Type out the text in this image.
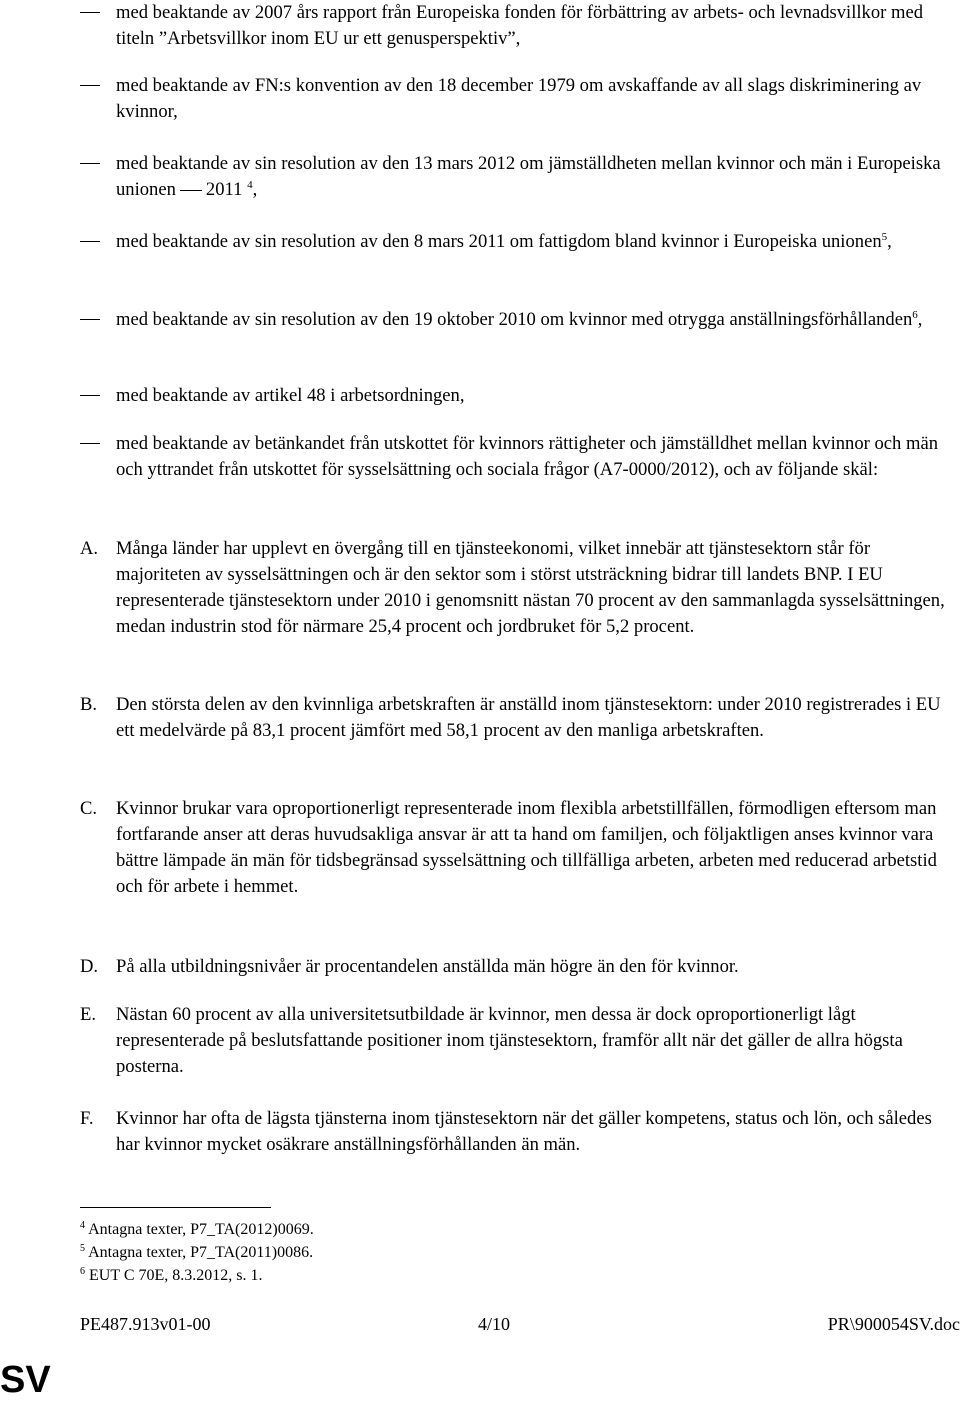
med beaktande av 2007 års rapport från Europeiska fonden för förbättring av arbets- och levnadsvillkor med titeln ”Arbetsvillkor inom EU ur ett genusperspektiv”,
med beaktande av FN:s konvention av den 18 december 1979 om avskaffande av all slags diskriminering av kvinnor,
med beaktande av sin resolution av den 13 mars 2012 om jämställdheten mellan kvinnor och män i Europeiska unionen 2011 $^4$,
med beaktande av sin resolution av den 8 mars 2011 om fattigdom bland kvinnor i Europeiska unionen$^5$,
med beaktande av sin resolution av den 19 oktober 2010 om kvinnor med otrygga anställningsförhållanden$^6$,
med beaktande av artikel 48 i arbetsordningen,
med beaktande av betänkandet från utskottet för kvinnors rättigheter och jämställdhet mellan kvinnor och män och yttrandet från utskottet för sysselsättning och sociala frågor (A7-0000/2012), och av följande skäl:
A. Många länder har upplevt en övergång till en tjänsteekonomi, vilket innebär att tjänstesektorn står för majoriteten av sysselsättningen och är den sektor som i störst utsträckning bidrar till landets BNP. I EU representerade tjänstesektorn under 2010 i genomsnitt nästan 70 procent av den sammanlagda sysselsättningen, medan industrin stod för närmare 25,4 procent och jordbruket för 5,2 procent.
B. Den största delen av den kvinnliga arbetskraften är anställd inom tjänstesektorn: under 2010 registrerades i EU ett medelvärde på 83,1 procent jämfört med 58,1 procent av den manliga arbetskraften.
C. Kvinnor brukar vara oproportionerligt representerade inom flexibla arbetstillfällen, förmodligen eftersom man fortfarande anser att deras huvudsakliga ansvar är att ta hand om familjen, och följaktligen anses kvinnor vara bättre lämpade än män för tidsbegränsad sysselsättning och tillfälliga arbeten, arbeten med reducerad arbetstid och för arbete i hemmet.
D. På alla utbildningsnivåer är procentandelen anställda män högre än den för kvinnor.
E. Nästan 60 procent av alla universitetsutbildade är kvinnor, men dessa är dock oproportionerligt lågt representerade på beslutsfattande positioner inom tjänstesektorn, framför allt när det gäller de allra högsta posterna.
F. Kvinnor har ofta de lägsta tjänsterna inom tjänstesektorn när det gäller kompetens, status och lön, och således har kvinnor mycket osäkrare anställningsförhållanden än män.
$^4$ Antagna texter, P7_TA(2012)0069.
$^5$ Antagna texter, P7_TA(2011)0086.
$^6$ EUT C 70E, 8.3.2012, s. 1.
PE487.913v01-00	4/10	PR\900054SV.doc
SV
